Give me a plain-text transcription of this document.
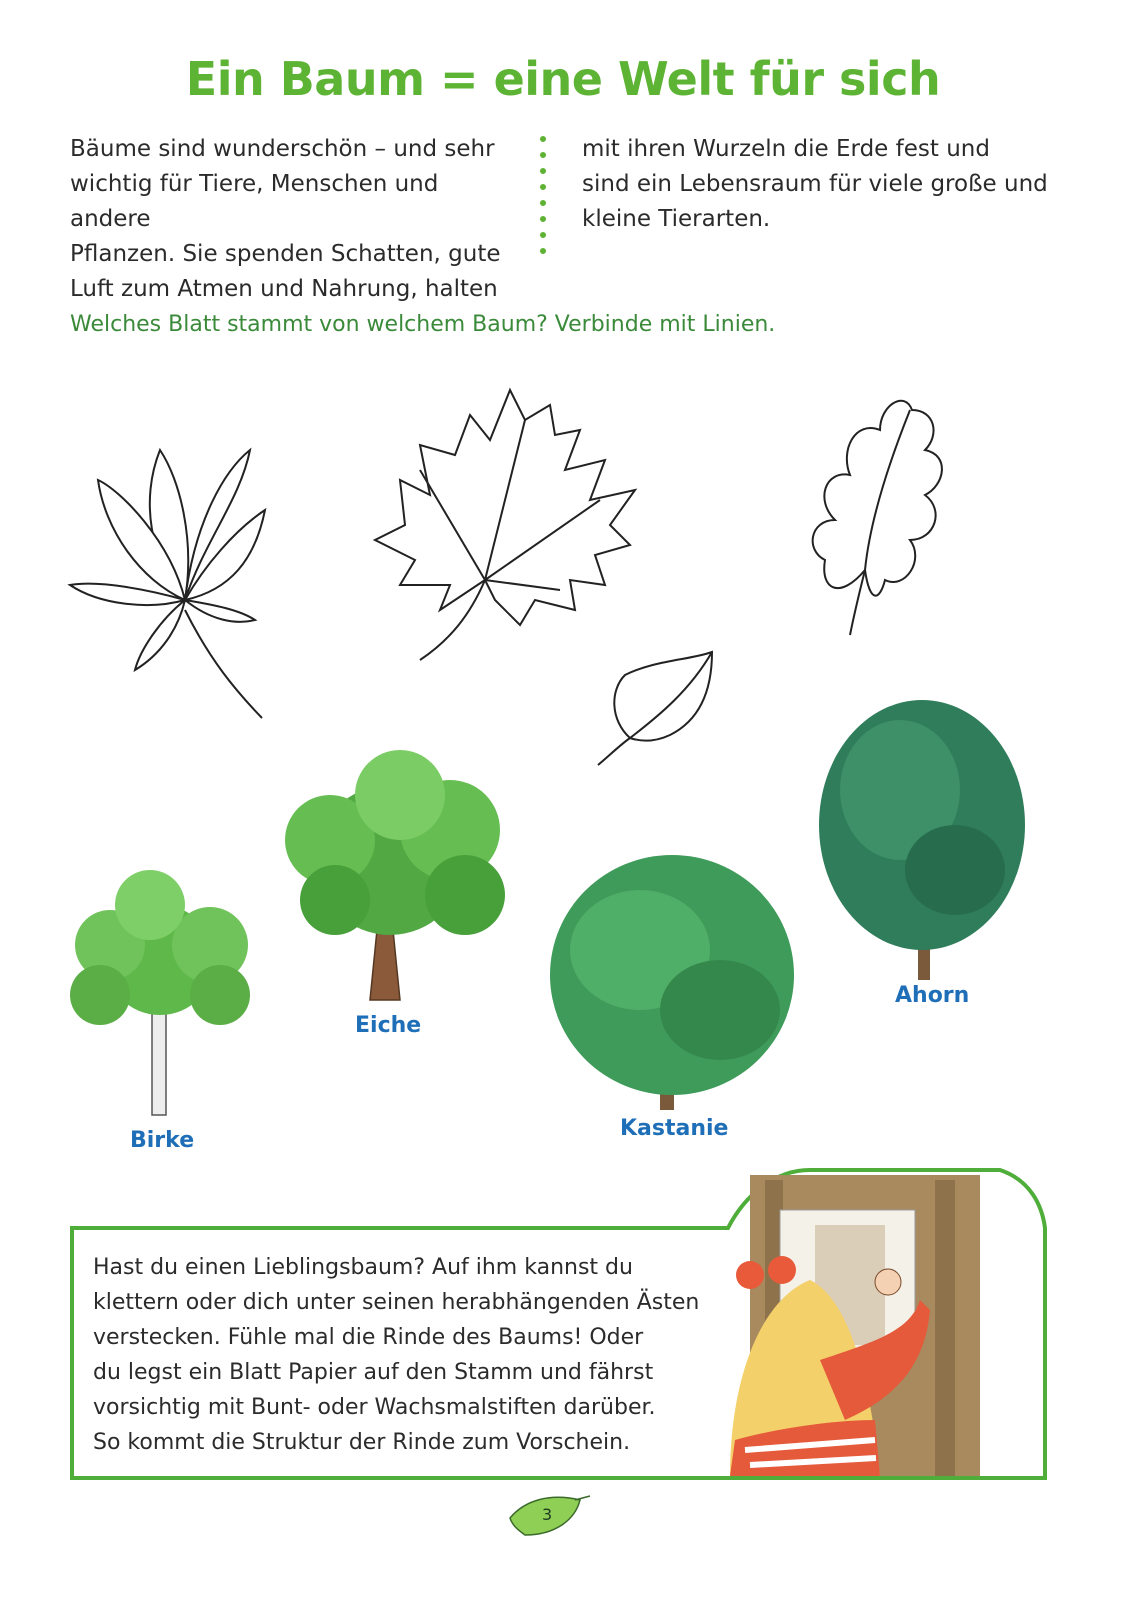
Ein Baum = eine Welt für sich
Bäume sind wunderschön – und sehr
wichtig für Tiere, Menschen und andere
Pflanzen. Sie spenden Schatten, gute
Luft zum Atmen und Nahrung, halten
mit ihren Wurzeln die Erde fest und
sind ein Lebensraum für viele große und
kleine Tierarten.
Welches Blatt stammt von welchem Baum? Verbinde mit Linien.
Birke
Eiche
Kastanie
Ahorn
Hast du einen Lieblingsbaum? Auf ihm kannst du
klettern oder dich unter seinen herabhängenden Ästen
verstecken. Fühle mal die Rinde des Baums! Oder
du legst ein Blatt Papier auf den Stamm und fährst
vorsichtig mit Bunt- oder Wachsmalstiften darüber.
So kommt die Struktur der Rinde zum Vorschein.
3
